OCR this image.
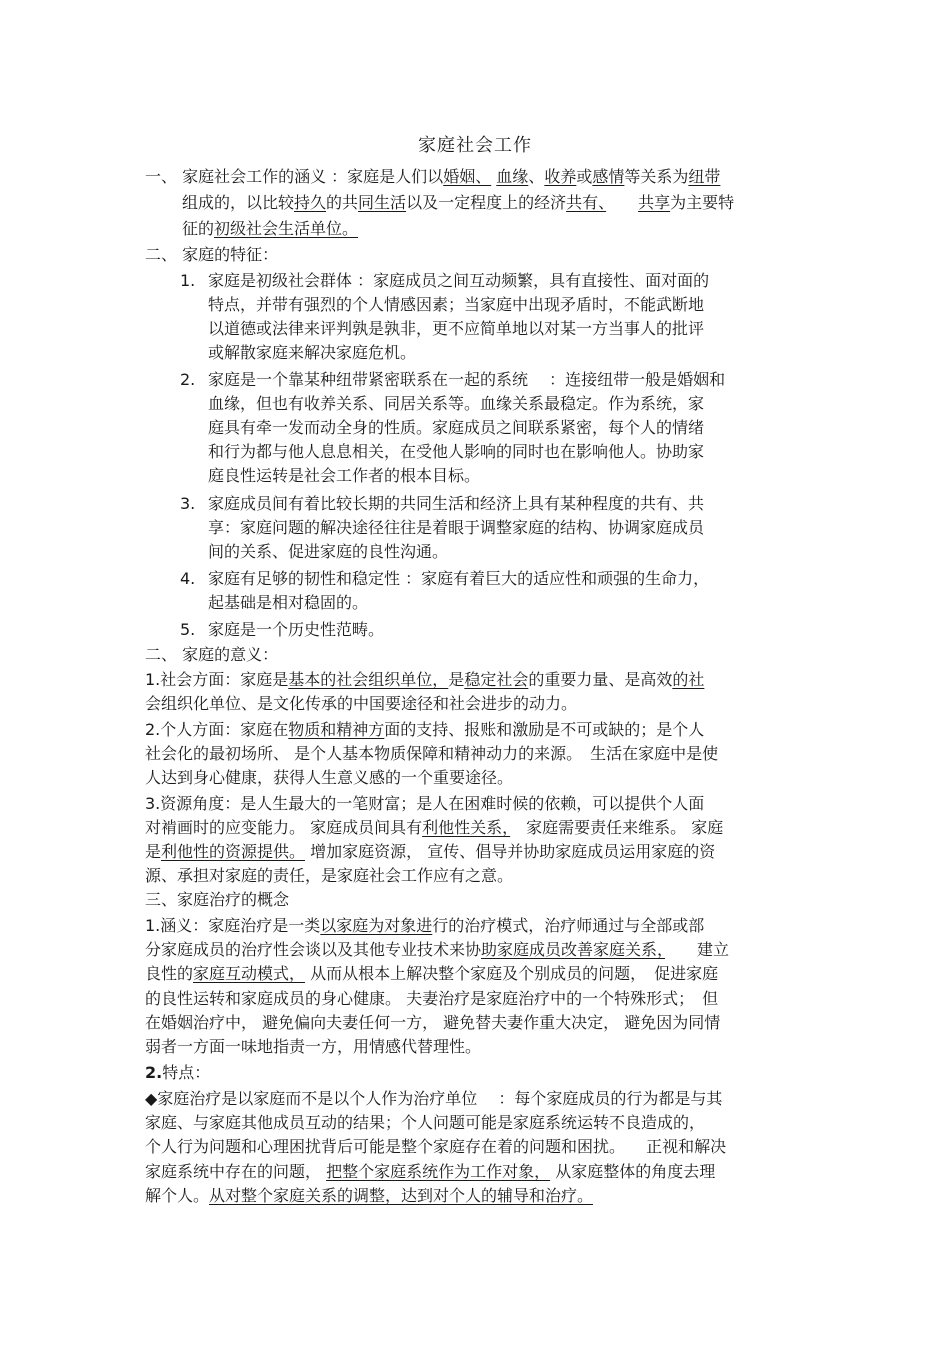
家庭社会工作
一、 家庭社会工作的涵义 ：家庭是人们以婚姻、 血缘、收养或感情等关系为纽带
组成的，以比较持久的共同生活以及一定程度上的经济共有、　　 共享为主要特
征的初级社会生活单位。
二、 家庭的特征：
1. 家庭是初级社会群体 ：家庭成员之间互动频繁，具有直接性、面对面的
特点，并带有强烈的个人情感因素；当家庭中出现矛盾时，不能武断地
以道德或法律来评判孰是孰非，更不应简单地以对某一方当事人的批评
或解散家庭来解决家庭危机。
2. 家庭是一个靠某种纽带紧密联系在一起的系统 　：连接纽带一般是婚姻和
血缘，但也有收养关系、同居关系等。血缘关系最稳定。作为系统，家
庭具有牵一发而动全身的性质。家庭成员之间联系紧密，每个人的情绪
和行为都与他人息息相关，在受他人影响的同时也在影响他人。协助家
庭良性运转是社会工作者的根本目标。
3. 家庭成员间有着比较长期的共同生活和经济上具有某种程度的共有、共
享：家庭问题的解决途径往往是着眼于调整家庭的结构、协调家庭成员
间的关系、促进家庭的良性沟通。
4. 家庭有足够的韧性和稳定性 ：家庭有着巨大的适应性和顽强的生命力，
起基础是相对稳固的。
5. 家庭是一个历史性范畴。
二、 家庭的意义：
1.社会方面：家庭是基本的社会组织单位，是稳定社会的重要力量、是高效的社
会组织化单位、是文化传承的中国要途径和社会进步的动力。
2.个人方面：家庭在物质和精神方面的支持、报账和激励是不可或缺的；是个人
社会化的最初场所、 是个人基本物质保障和精神动力的来源。　生活在家庭中是使
人达到身心健康，获得人生意义感的一个重要途径。
3.资源角度：是人生最大的一笔财富；是人在困难时候的依赖，可以提供个人面
对褃画时的应变能力。 家庭成员间具有利他性关系，　家庭需要责任来维系。 家庭
是利他性的资源提供。 增加家庭资源， 宣传、倡导并协助家庭成员运用家庭的资
源、承担对家庭的责任，是家庭社会工作应有之意。
三、家庭治疗的概念
1.涵义：家庭治疗是一类以家庭为对象进行的治疗模式，治疗师通过与全部或部
分家庭成员的治疗性会谈以及其他专业技术来协助家庭成员改善家庭关系，　　建立
良性的家庭互动模式， 从而从根本上解决整个家庭及个别成员的问题，　促进家庭
的良性运转和家庭成员的身心健康。 夫妻治疗是家庭治疗中的一个特殊形式；　但
在婚姻治疗中， 避免偏向夫妻任何一方， 避免替夫妻作重大决定， 避免因为同情
弱者一方面一味地指责一方，用情感代替理性。
2.特点：
◆家庭治疗是以家庭而不是以个人作为治疗单位 　：每个家庭成员的行为都是与其
家庭、与家庭其他成员互动的结果；个人问题可能是家庭系统运转不良造成的，
个人行为问题和心理困扰背后可能是整个家庭存在着的问题和困扰。 　正视和解决
家庭系统中存在的问题， 把整个家庭系统作为工作对象， 从家庭整体的角度去理
解个人。从对整个家庭关系的调整，达到对个人的辅导和治疗。
